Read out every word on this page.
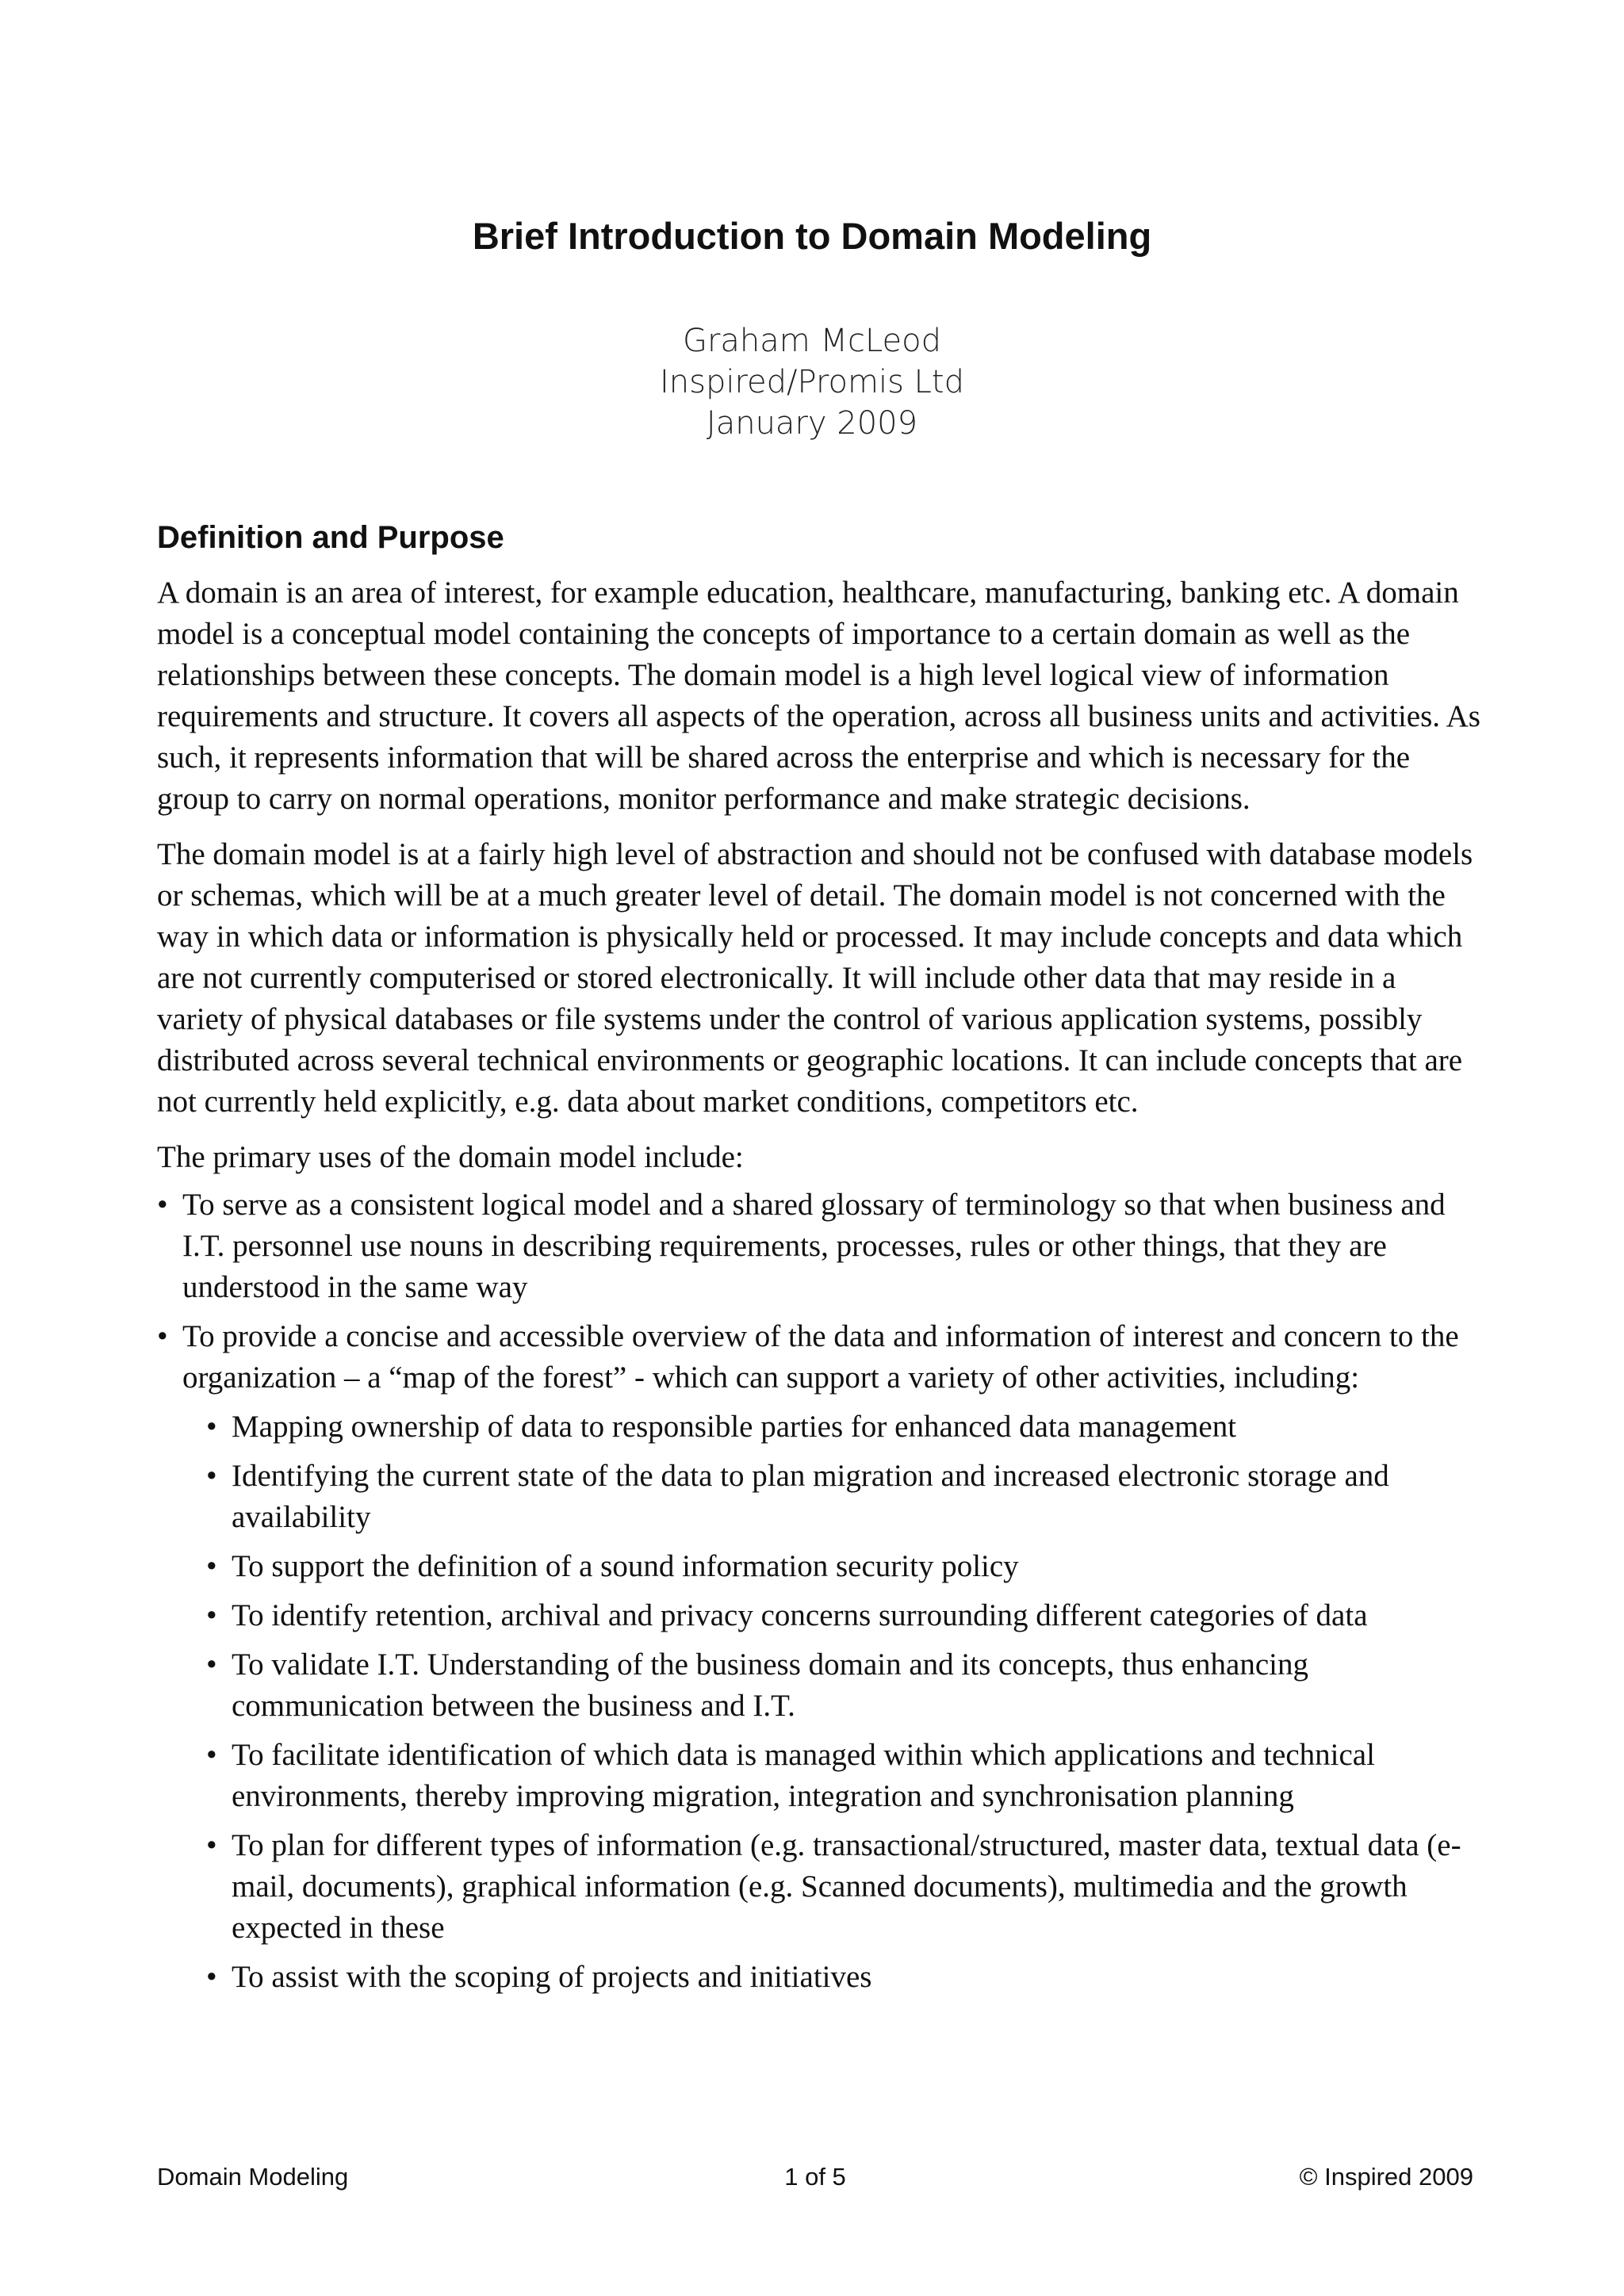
Brief Introduction to Domain Modeling
Graham McLeod
Inspired/Promis Ltd
January 2009
Definition and Purpose

A domain is an area of interest, for example education, healthcare, manufacturing, banking etc. A domain model is a conceptual model containing the concepts of importance to a certain domain as well as the relationships between these concepts. The domain model is a high level logical view of information requirements and structure. It covers all aspects of the operation, across all business units and activities. As such, it represents information that will be shared across the enterprise and which is necessary for the group to carry on normal operations, monitor performance and make strategic decisions.

The domain model is at a fairly high level of abstraction and should not be confused with database models or schemas, which will be at a much greater level of detail. The domain model is not concerned with the way in which data or information is physically held or processed. It may include concepts and data which are not currently computerised or stored electronically. It will include other data that may reside in a variety of physical databases or file systems under the control of various application systems, possibly distributed across several technical environments or geographic locations. It can include concepts that are not currently held explicitly, e.g. data about market conditions, competitors etc.

The primary uses of the domain model include:

• To serve as a consistent logical model and a shared glossary of terminology so that when business and I.T. personnel use nouns in describing requirements, processes, rules or other things, that they are understood in the same way
• To provide a concise and accessible overview of the data and information of interest and concern to the organization – a “map of the forest” - which can support a variety of other activities, including:
• Mapping ownership of data to responsible parties for enhanced data management
• Identifying the current state of the data to plan migration and increased electronic storage and availability
• To support the definition of a sound information security policy
• To identify retention, archival and privacy concerns surrounding different categories of data
• To validate I.T. Understanding of the business domain and its concepts, thus enhancing communication between the business and I.T.
• To facilitate identification of which data is managed within which applications and technical environments, thereby improving migration, integration and synchronisation planning
• To plan for different types of information (e.g. transactional/structured, master data, textual data (e-mail, documents), graphical information (e.g. Scanned documents), multimedia and the growth expected in these
• To assist with the scoping of projects and initiatives
Domain Modeling	1 of 5	© Inspired 2009
